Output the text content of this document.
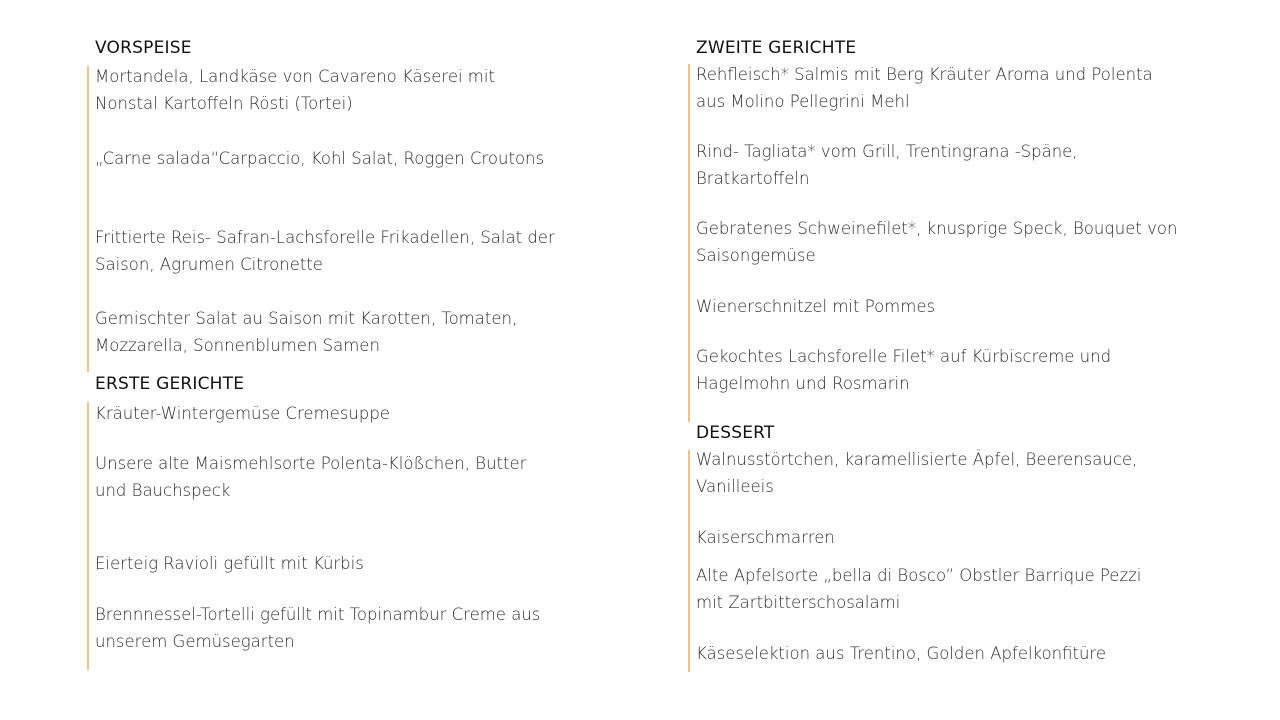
VORSPEISE
Mortandela, Landkäse von Cavareno Käserei mit
Nonstal Kartoffeln Rösti (Tortei)
„Carne salada“Carpaccio, Kohl Salat, Roggen Croutons
Frittierte Reis- Safran-Lachsforelle Frikadellen, Salat der
Saison, Agrumen Citronette
Gemischter Salat au Saison mit Karotten, Tomaten,
Mozzarella, Sonnenblumen Samen
ERSTE GERICHTE
Kräuter-Wintergemüse Cremesuppe
Unsere alte Maismehlsorte Polenta-Klößchen, Butter
und Bauchspeck
Eierteig Ravioli gefüllt mit Kürbis
Brennnessel-Tortelli gefüllt mit Topinambur Creme aus
unserem Gemüsegarten
ZWEITE GERICHTE
Rehfleisch* Salmis mit Berg Kräuter Aroma und Polenta
aus Molino Pellegrini Mehl
Rind- Tagliata* vom Grill, Trentingrana -Späne,
Bratkartoffeln
Gebratenes Schweinefilet*, knusprige Speck, Bouquet von
Saisongemüse
Wienerschnitzel mit Pommes
Gekochtes Lachsforelle Filet* auf Kürbiscreme und
Hagelmohn und Rosmarin
DESSERT
Walnusstörtchen, karamellisierte Äpfel, Beerensauce,
Vanilleeis
Kaiserschmarren
Alte Apfelsorte „bella di Bosco” Obstler Barrique Pezzi
mit Zartbitterschosalami
Käseselektion aus Trentino, Golden Apfelkonfitüre
